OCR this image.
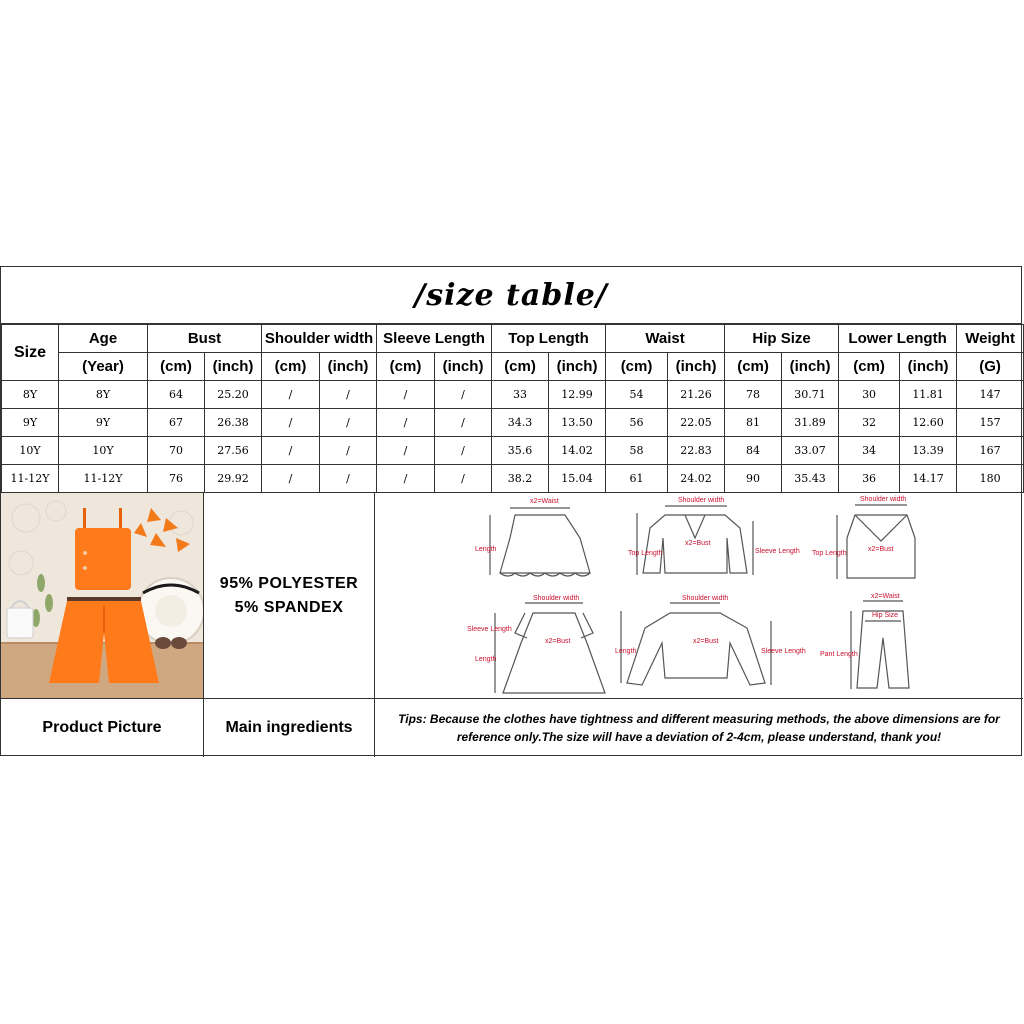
/size table/
Size	Age	Bust		Shoulder width		Sleeve Length		Top Length		Waist		Hip Size		Lower Length		Weight
	(Year)	(cm)	(inch)	(cm)	(inch)	(cm)	(inch)	(cm)	(inch)	(cm)	(inch)	(cm)	(inch)	(cm)	(inch)	(G)
8Y	8Y	64	25.20	/	/	/	/	33	12.99	54	21.26	78	30.71	30	11.81	147
9Y	9Y	67	26.38	/	/	/	/	34.3	13.50	56	22.05	81	31.89	32	12.60	157
10Y	10Y	70	27.56	/	/	/	/	35.6	14.02	58	22.83	84	33.07	34	13.39	167
11-12Y	11-12Y	76	29.92	/	/	/	/	38.2	15.04	61	24.02	90	35.43	36	14.17	180
95% POLYESTER
5% SPANDEX
x2=Waist
Length
Shoulder width
x2=Bust
Top Length	Sleeve Length
Shoulder width
x2=Bust
Top Length
Shoulder width
Sleeve Length
x2=Bust
Length
Shoulder width
x2=Bust
Length	Sleeve Length
x2=Waist
Hip Size
Pant Length
Product Picture	Main ingredients	Tips: Because the clothes have tightness and different measuring methods, the above dimensions are for reference only.The size will have a deviation of 2-4cm, please understand, thank you!
